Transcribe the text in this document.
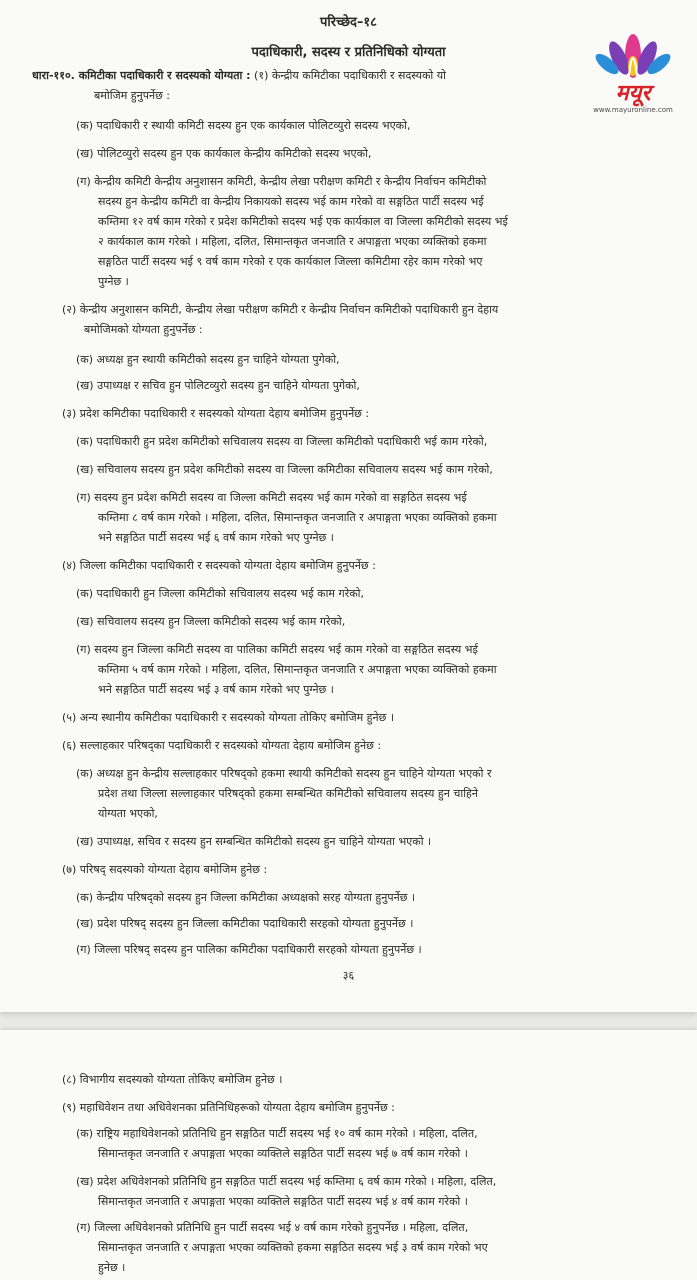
परिच्छेद–१८
पदाधिकारी, सदस्य र प्रतिनिधिको योग्यता
धारा-११०. कमिटीका पदाधिकारी र सदस्यको योग्यता : (१) केन्द्रीय कमिटीका पदाधिकारी र सदस्यको यो
बमोजिम हुनुपर्नेछ :
(क) पदाधिकारी र स्थायी कमिटी सदस्य हुन एक कार्यकाल पोलिटव्युरो सदस्य भएको,
(ख) पोलिटव्युरो सदस्य हुन एक कार्यकाल केन्द्रीय कमिटीको सदस्य भएको,
(ग) केन्द्रीय कमिटी केन्द्रीय अनुशासन कमिटी, केन्द्रीय लेखा परीक्षण कमिटी र केन्द्रीय निर्वाचन कमिटीको
सदस्य हुन केन्द्रीय कमिटी वा केन्द्रीय निकायको सदस्य भई काम गरेको वा सङ्गठित पार्टी सदस्य भई
कम्तिमा १२ वर्ष काम गरेको र प्रदेश कमिटीको सदस्य भई एक कार्यकाल वा जिल्ला कमिटीको सदस्य भई
२ कार्यकाल काम गरेको । महिला, दलित, सिमान्तकृत जनजाति र अपाङ्गता भएका व्यक्तिको हकमा
सङ्गठित पार्टी सदस्य भई ९ वर्ष काम गरेको र एक कार्यकाल जिल्ला कमिटीमा रहेर काम गरेको भए
पुग्नेछ ।
(२) केन्द्रीय अनुशासन कमिटी, केन्द्रीय लेखा परीक्षण कमिटी र केन्द्रीय निर्वाचन कमिटीको पदाधिकारी हुन देहाय
बमोजिमको योग्यता हुनुपर्नेछ :
(क) अध्यक्ष हुन स्थायी कमिटीको सदस्य हुन चाहिने योग्यता पुगेको,
(ख) उपाध्यक्ष र सचिव हुन पोलिटव्युरो सदस्य हुन चाहिने योग्यता पुगेको,
(३) प्रदेश कमिटीका पदाधिकारी र सदस्यको योग्यता देहाय बमोजिम हुनुपर्नेछ :
(क) पदाधिकारी हुन प्रदेश कमिटीको सचिवालय सदस्य वा जिल्ला कमिटीको पदाधिकारी भई काम गरेको,
(ख) सचिवालय सदस्य हुन प्रदेश कमिटीको सदस्य वा जिल्ला कमिटीका सचिवालय सदस्य भई काम गरेको,
(ग) सदस्य हुन प्रदेश कमिटी सदस्य वा जिल्ला कमिटी सदस्य भई काम गरेको वा सङ्गठित सदस्य भई
कम्तिमा ८ वर्ष काम गरेको । महिला, दलित, सिमान्तकृत जनजाति र अपाङ्गता भएका व्यक्तिको हकमा
भने सङ्गठित पार्टी सदस्य भई ६ वर्ष काम गरेको भए पुग्नेछ ।
(४) जिल्ला कमिटीका पदाधिकारी र सदस्यको योग्यता देहाय बमोजिम हुनुपर्नेछ :
(क) पदाधिकारी हुन जिल्ला कमिटीको सचिवालय सदस्य भई काम गरेको,
(ख) सचिवालय सदस्य हुन जिल्ला कमिटीको सदस्य भई काम गरेको,
(ग) सदस्य हुन जिल्ला कमिटी सदस्य वा पालिका कमिटी सदस्य भई काम गरेको वा सङ्गठित सदस्य भई
कम्तिमा ५ वर्ष काम गरेको । महिला, दलित, सिमान्तकृत जनजाति र अपाङ्गता भएका व्यक्तिको हकमा
भने सङ्गठित पार्टी सदस्य भई ३ वर्ष काम गरेको भए पुग्नेछ ।
(५) अन्य स्थानीय कमिटीका पदाधिकारी र सदस्यको योग्यता तोकिए बमोजिम हुनेछ ।
(६) सल्लाहकार परिषद्का पदाधिकारी र सदस्यको योग्यता देहाय बमोजिम हुनेछ :
(क) अध्यक्ष हुन केन्द्रीय सल्लाहकार परिषद्को हकमा स्थायी कमिटीको सदस्य हुन चाहिने योग्यता भएको र
प्रदेश तथा जिल्ला सल्लाहकार परिषद्को हकमा सम्बन्धित कमिटीको सचिवालय सदस्य हुन चाहिने
योग्यता भएको,
(ख) उपाध्यक्ष, सचिव र सदस्य हुन सम्बन्धित कमिटीको सदस्य हुन चाहिने योग्यता भएको ।
(७) परिषद् सदस्यको योग्यता देहाय बमोजिम हुनेछ :
(क) केन्द्रीय परिषद्को सदस्य हुन जिल्ला कमिटीका अध्यक्षको सरह योग्यता हुनुपर्नेछ ।
(ख) प्रदेश परिषद् सदस्य हुन जिल्ला कमिटीका पदाधिकारी सरहको योग्यता हुनुपर्नेछ ।
(ग) जिल्ला परिषद् सदस्य हुन पालिका कमिटीका पदाधिकारी सरहको योग्यता हुनुपर्नेछ ।
३६
मयूर
www.mayuronline.com
(८) विभागीय सदस्यको योग्यता तोकिए बमोजिम हुनेछ ।
(९) महाधिवेशन तथा अधिवेशनका प्रतिनिधिहरूको योग्यता देहाय बमोजिम हुनुपर्नेछ :
(क) राष्ट्रिय महाधिवेशनको प्रतिनिधि हुन सङ्गठित पार्टी सदस्य भई १० वर्ष काम गरेको । महिला, दलित,
सिमान्तकृत जनजाति र अपाङ्गता भएका व्यक्तिले सङ्गठित पार्टी सदस्य भई ७ वर्ष काम गरेको ।
(ख) प्रदेश अधिवेशनको प्रतिनिधि हुन सङ्गठित पार्टी सदस्य भई कम्तिमा ६ वर्ष काम गरेको । महिला, दलित,
सिमान्तकृत जनजाति र अपाङ्गता भएका व्यक्तिले सङ्गठित पार्टी सदस्य भई ४ वर्ष काम गरेको ।
(ग) जिल्ला अधिवेशनको प्रतिनिधि हुन पार्टी सदस्य भई ४ वर्ष काम गरेको हुनुपर्नेछ । महिला, दलित,
सिमान्तकृत जनजाति र अपाङ्गता भएका व्यक्तिको हकमा सङ्गठित सदस्य भई ३ वर्ष काम गरेको भए
हुनेछ ।
